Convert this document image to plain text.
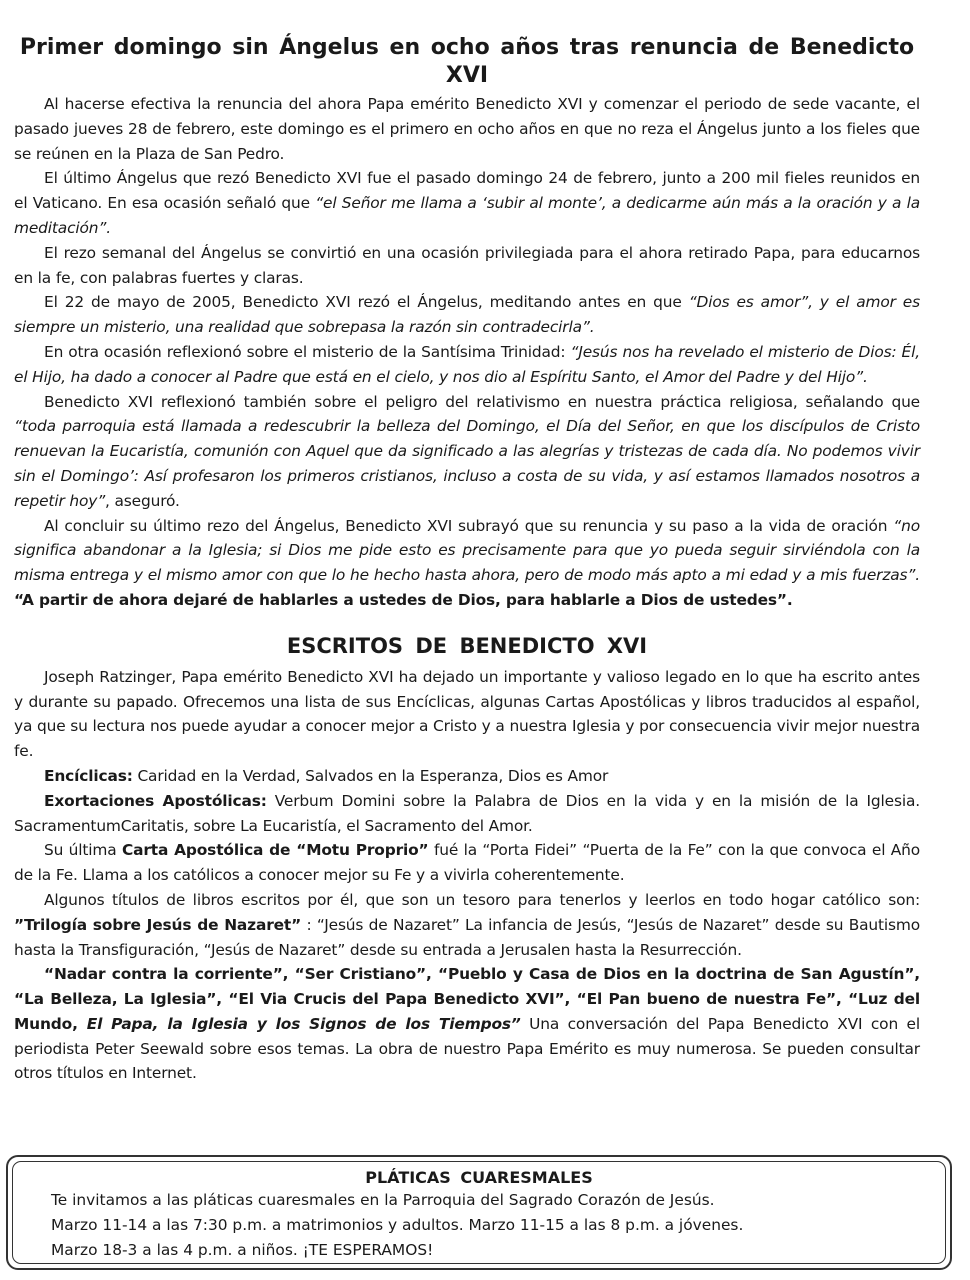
Primer domingo sin Ángelus en ocho años tras renuncia de Benedicto XVI

Al hacerse efectiva la renuncia del ahora Papa emérito Benedicto XVI y comenzar el periodo de sede vacante, el pasado jueves 28 de febrero, este domingo es el primero en ocho años en que no reza el Ángelus junto a los fieles que se reúnen en la Plaza de San Pedro.

El último Ángelus que rezó Benedicto XVI fue el pasado domingo 24 de febrero, junto a 200 mil fieles reunidos en el Vaticano. En esa ocasión señaló que “el Señor me llama a ‘subir al monte’, a dedicarme aún más a la oración y a la meditación”.

El rezo semanal del Ángelus se convirtió en una ocasión privilegiada para el ahora retirado Papa, para educarnos en la fe, con palabras fuertes y claras.

El 22 de mayo de 2005, Benedicto XVI rezó el Ángelus, meditando antes en que “Dios es amor”, y el amor es siempre un misterio, una realidad que sobrepasa la razón sin contradecirla”.

En otra ocasión reflexionó sobre el misterio de la Santísima Trinidad: “Jesús nos ha revelado el misterio de Dios: Él, el Hijo, ha dado a conocer al Padre que está en el cielo, y nos dio al Espíritu Santo, el Amor del Padre y del Hijo”.

Benedicto XVI reflexionó también sobre el peligro del relativismo en nuestra práctica religiosa, señalando que “toda parroquia está llamada a redescubrir la belleza del Domingo, el Día del Señor, en que los discípulos de Cristo renuevan la Eucaristía, comunión con Aquel que da significado a las alegrías y tristezas de cada día. No podemos vivir sin el Domingo’: Así profesaron los primeros cristianos, incluso a costa de su vida, y así estamos llamados nosotros a repetir hoy”, aseguró.

Al concluir su último rezo del Ángelus, Benedicto XVI subrayó que su renuncia y su paso a la vida de oración “no significa abandonar a la Iglesia; si Dios me pide esto es precisamente para que yo pueda seguir sirviéndola con la misma entrega y el mismo amor con que lo he hecho hasta ahora, pero de modo más apto a mi edad y a mis fuerzas”. “A partir de ahora dejaré de hablarles a ustedes de Dios, para hablarle a Dios de ustedes”.

ESCRITOS DE BENEDICTO XVI

Joseph Ratzinger, Papa emérito Benedicto XVI ha dejado un importante y valioso legado en lo que ha escrito antes y durante su papado. Ofrecemos una lista de sus Encíclicas, algunas Cartas Apostólicas y libros traducidos al español, ya que su lectura nos puede ayudar a conocer mejor a Cristo y a nuestra Iglesia y por consecuencia vivir mejor nuestra fe.

Encíclicas: Caridad en la Verdad, Salvados en la Esperanza, Dios es Amor

Exortaciones Apostólicas: Verbum Domini sobre la Palabra de Dios en la vida y en la misión de la Iglesia. SacramentumCaritatis, sobre La Eucaristía, el Sacramento del Amor.

Su última Carta Apostólica de “Motu Proprio” fué la “Porta Fidei” “Puerta de la Fe” con la que convoca el Año de la Fe. Llama a los católicos a conocer mejor su Fe y a vivirla coherentemente.

Algunos títulos de libros escritos por él, que son un tesoro para tenerlos y leerlos en todo hogar católico son: ”Trilogía sobre Jesús de Nazaret” : “Jesús de Nazaret” La infancia de Jesús, “Jesús de Nazaret” desde su Bautismo hasta la Transfiguración, “Jesús de Nazaret” desde su entrada a Jerusalen hasta la Resurrección.

“Nadar contra la corriente”, “Ser Cristiano”, “Pueblo y Casa de Dios en la doctrina de San Agustín”, “La Belleza, La Iglesia”, “El Via Crucis del Papa Benedicto XVI”, “El Pan bueno de nuestra Fe”, “Luz del Mundo, El Papa, la Iglesia y los Signos de los Tiempos” Una conversación del Papa Benedicto XVI con el periodista Peter Seewald sobre esos temas. La obra de nuestro Papa Emérito es muy numerosa. Se pueden consultar otros títulos en Internet.

PLÁTICAS CUARESMALES
Te invitamos a las pláticas cuaresmales en la Parroquia del Sagrado Corazón de Jesús.
Marzo 11-14 a las 7:30 p.m. a matrimonios y adultos. Marzo 11-15 a las 8 p.m. a jóvenes.
Marzo 18-3 a las 4 p.m. a niños. ¡TE ESPERAMOS!
